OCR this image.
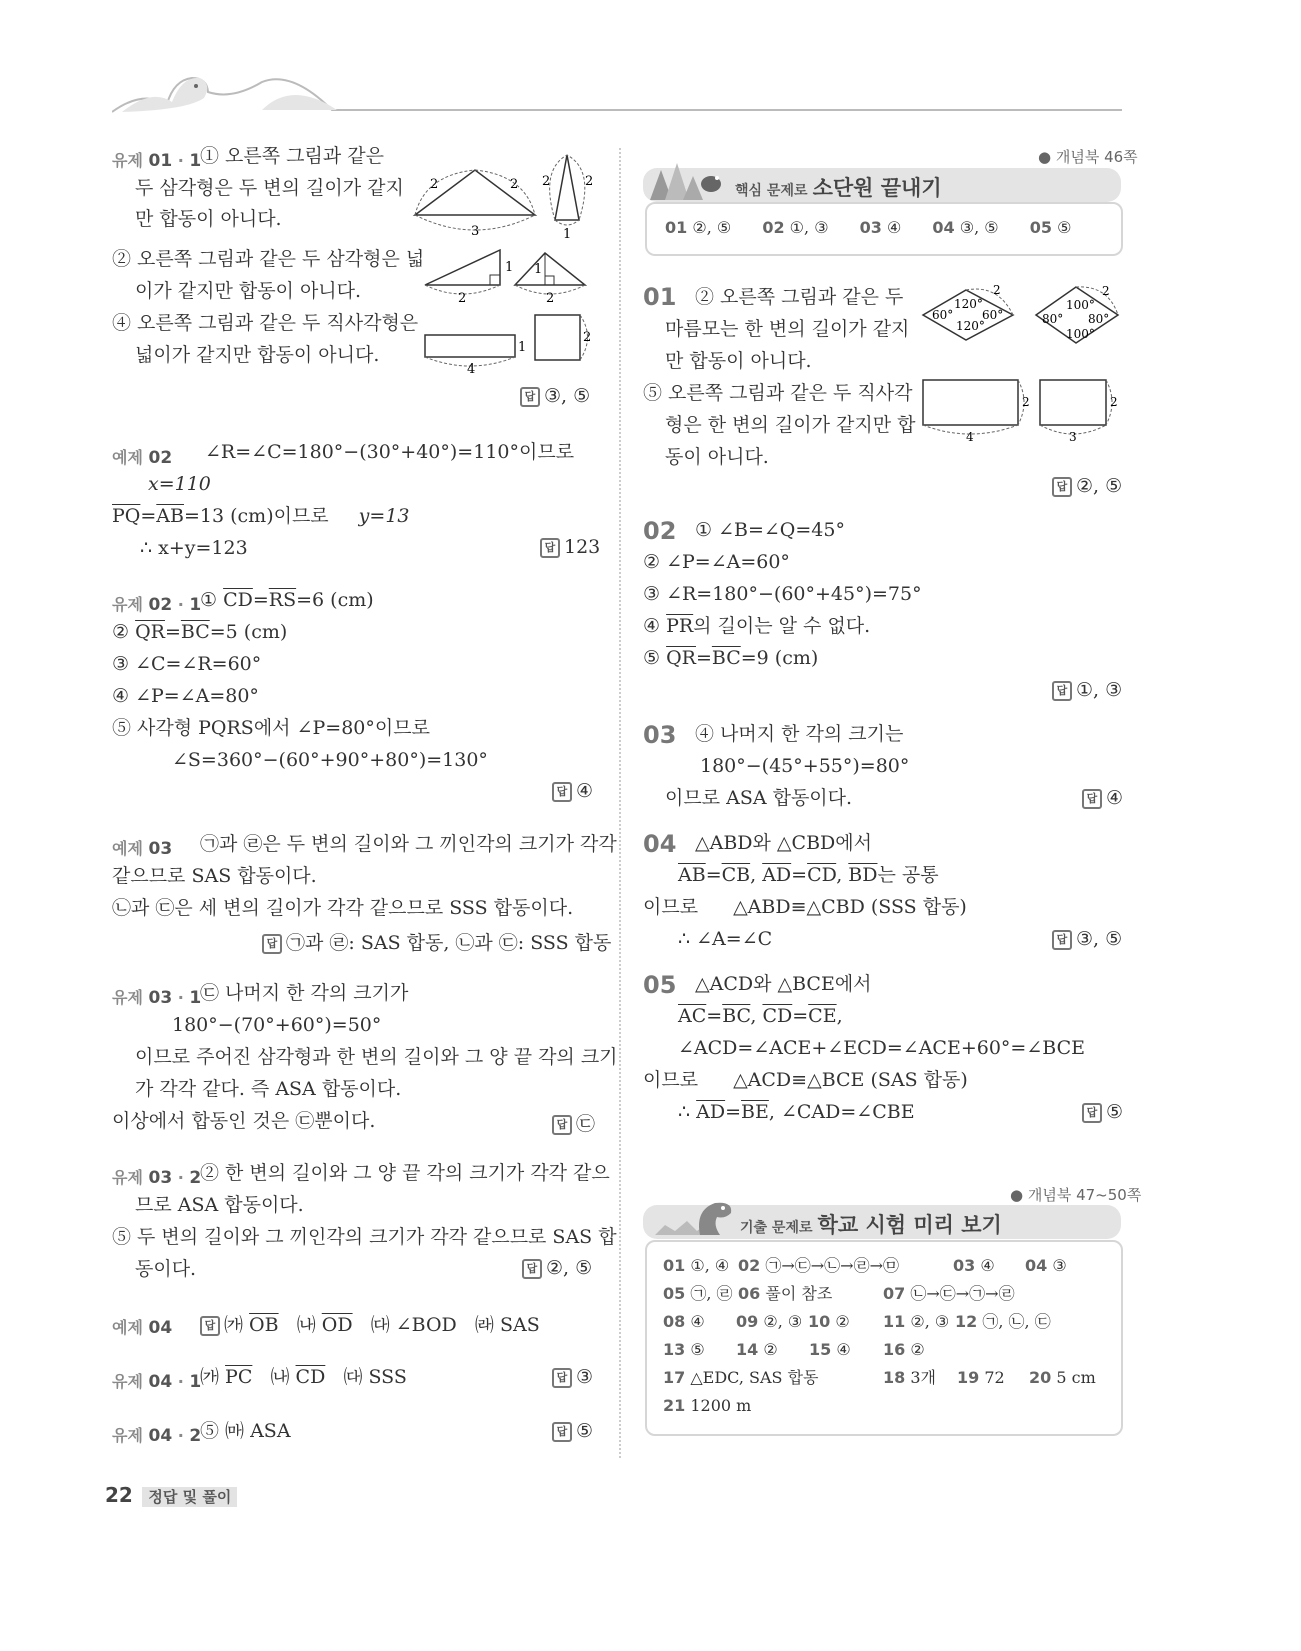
유제 01 · 1
① 오른쪽 그림과 같은
두 삼각형은 두 변의 길이가 같지
만 합동이 아니다.
② 오른쪽 그림과 같은 두 삼각형은 넓
이가 같지만 합동이 아니다.
④ 오른쪽 그림과 같은 두 직사각형은
넓이가 같지만 합동이 아니다.
답 ③, ⑤
2	2
3
2	2
1
1
2
1
2
1
4
2
예제 02 ∠R=∠C=180°−(30°+40°)=110°이므로
x=110
$\overline{PQ}=\overline{AB}=13$ (cm)이므로 y=13
∴ x+y=123	답 123
유제 02 · 1
① $\overline{CD}=\overline{RS}=6$ (cm)
② $\overline{QR}=\overline{BC}=5$ (cm)
③ ∠C=∠R=60°
④ ∠P=∠A=80°
⑤ 사각형 PQRS에서 ∠P=80°이므로
∠S=360°−(60°+90°+80°)=130°
답 ④
예제 03 ㉠과 ㉣은 두 변의 길이와 그 끼인각의 크기가 각각
같으므로 SAS 합동이다.
㉡과 ㉢은 세 변의 길이가 각각 같으므로 SSS 합동이다.
답 ㉠과 ㉣: SAS 합동, ㉡과 ㉢: SSS 합동
유제 03 · 1
㉢ 나머지 한 각의 크기가
180°−(70°+60°)=50°
이므로 주어진 삼각형과 한 변의 길이와 그 양 끝 각의 크기
가 각각 같다. 즉 ASA 합동이다.
이상에서 합동인 것은 ㉢뿐이다.	답 ㉢
유제 03 · 2
② 한 변의 길이와 그 양 끝 각의 크기가 각각 같으
므로 ASA 합동이다.
⑤ 두 변의 길이와 그 끼인각의 크기가 각각 같으므로 SAS 합
동이다.	답 ②, ⑤
예제 04	답 ㈎ $\overline{OB}$ ㈏ $\overline{OD}$ ㈐ ∠BOD ㈑ SAS
유제 04 · 1
㈎ $\overline{PC}$ ㈏ $\overline{CD}$ ㈐ SSS	답 ③
유제 04 · 2
⑤ ㈒ ASA	답 ⑤
22 정답 및 풀이
● 개념북 46쪽
핵심 문제로 소단원 끝내기
01 ②, ⑤ 02 ①, ③ 03 ④ 04 ③, ⑤ 05 ⑤
01 ② 오른쪽 그림과 같은 두
마름모는 한 변의 길이가 같지
만 합동이 아니다.
⑤ 오른쪽 그림과 같은 두 직사각
형은 한 변의 길이가 같지만 합
동이 아니다.
답 ②, ⑤
120°
60°
120°
60°
2
100°
80° 80°
100°
2
2
4
2
3
02 ① ∠B=∠Q=45°
② ∠P=∠A=60°
③ ∠R=180°−(60°+45°)=75°
④ $\overline{PR}$의 길이는 알 수 없다.
⑤ $\overline{QR}=\overline{BC}=9$ (cm)
답 ①, ③
03 ④ 나머지 한 각의 크기는
180°−(45°+55°)=80°
이므로 ASA 합동이다.	답 ④
04 △ABD와 △CBD에서
$\overline{AB}=\overline{CB}$, $\overline{AD}=\overline{CD}$, $\overline{BD}$는 공통
이므로 △ABD≡△CBD (SSS 합동)
∴ ∠A=∠C	답 ③, ⑤
05 △ACD와 △BCE에서
$\overline{AC}=\overline{BC}$, $\overline{CD}=\overline{CE}$,
∠ACD=∠ACE+∠ECD=∠ACE+60°=∠BCE
이므로 △ACD≡△BCE (SAS 합동)
∴ $\overline{AD}=\overline{BE}$, ∠CAD=∠CBE	답 ⑤
● 개념북 47~50쪽
기출 문제로 학교 시험 미리 보기
01 ①, ④ 02 ㉠→㉢→㉡→㉣→㉤	03 ④ 04 ③
05 ㉠, ㉣ 06 풀이 참조	07 ㉡→㉢→㉠→㉣
08 ④ 09 ②, ③ 10 ② 11 ②, ③ 12 ㉠, ㉡, ㉢
13 ⑤ 14 ② 15 ④ 16 ②
17 △EDC, SAS 합동	18 3개 19 72 20 5 cm
21 1200 m
